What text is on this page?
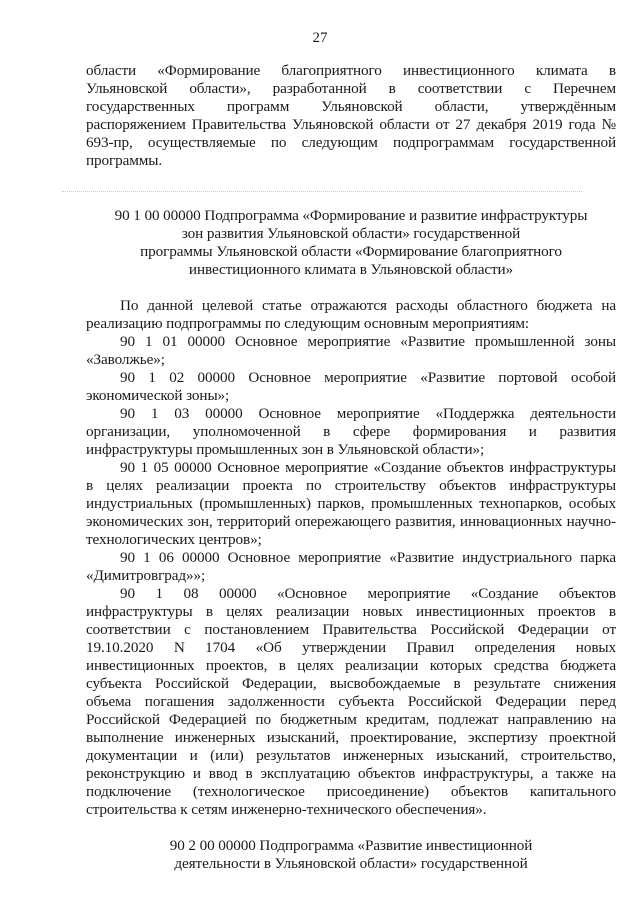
27
области «Формирование благоприятного инвестиционного климата в
Ульяновской области», разработанной в соответствии с Перечнем
государственных программ Ульяновской области, утверждённым
распоряжением Правительства Ульяновской области от 27 декабря 2019 года №
693-пр, осуществляемые по следующим подпрограммам государственной
программы.
90 1 00 00000 Подпрограмма «Формирование и развитие инфраструктуры
зон развития Ульяновской области» государственной
программы Ульяновской области «Формирование благоприятного
инвестиционного климата в Ульяновской области»
По данной целевой статье отражаются расходы областного бюджета на
реализацию подпрограммы по следующим основным мероприятиям:
90 1 01 00000 Основное мероприятие «Развитие промышленной зоны
«Заволжье»;
90 1 02 00000 Основное мероприятие «Развитие портовой особой
экономической зоны»;
90 1 03 00000 Основное мероприятие «Поддержка деятельности
организации, уполномоченной в сфере формирования и развития
инфраструктуры промышленных зон в Ульяновской области»;
90 1 05 00000 Основное мероприятие «Создание объектов инфраструктуры
в целях реализации проекта по строительству объектов инфраструктуры
индустриальных (промышленных) парков, промышленных технопарков, особых
экономических зон, территорий опережающего развития, инновационных научно-
технологических центров»;
90 1 06 00000 Основное мероприятие «Развитие индустриального парка
«Димитровград»»;
90 1 08 00000 «Основное мероприятие «Создание объектов
инфраструктуры в целях реализации новых инвестиционных проектов в
соответствии с постановлением Правительства Российской Федерации от
19.10.2020 N 1704 «Об утверждении Правил определения новых
инвестиционных проектов, в целях реализации которых средства бюджета
субъекта Российской Федерации, высвобождаемые в результате снижения
объема погашения задолженности субъекта Российской Федерации перед
Российской Федерацией по бюджетным кредитам, подлежат направлению на
выполнение инженерных изысканий, проектирование, экспертизу проектной
документации и (или) результатов инженерных изысканий, строительство,
реконструкцию и ввод в эксплуатацию объектов инфраструктуры, а также на
подключение (технологическое присоединение) объектов капитального
строительства к сетям инженерно-технического обеспечения».
90 2 00 00000 Подпрограмма «Развитие инвестиционной
деятельности в Ульяновской области» государственной
